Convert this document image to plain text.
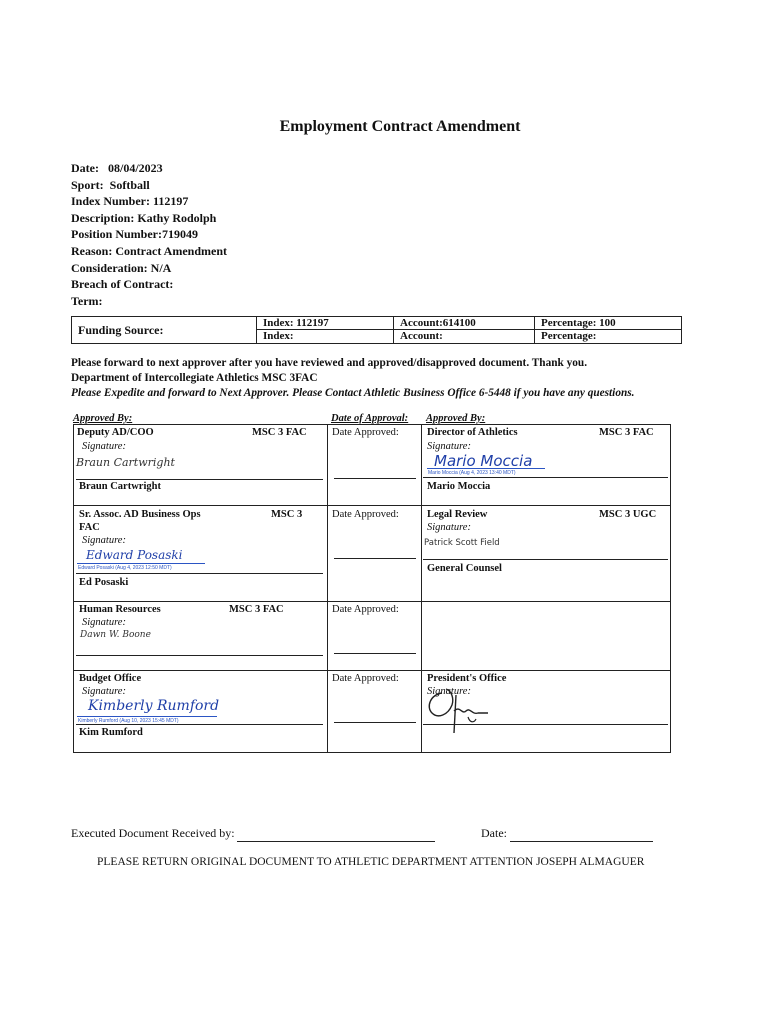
Employment Contract Amendment
Date:   08/04/2023
Sport:  Softball
Index Number: 112197
Description: Kathy Rodolph
Position Number:719049
Reason: Contract Amendment
Consideration: N/A
Breach of Contract:
Term:
Funding Source:	Index: 112197	Account:614100	Percentage: 100
Index:	Account:	Percentage:
Please forward to next approver after you have reviewed and approved/disapproved document. Thank you.
Department of Intercollegiate Athletics MSC 3FAC
Please Expedite and forward to Next Approver. Please Contact Athletic Business Office 6-5448 if you have any questions.
Approved By:	Date of Approval: Approved By:
Deputy AD/COO	MSC 3 FAC
Signature:
Braun Cartwright
Braun Cartwright
Date Approved:	Director of Athletics	MSC 3 FAC
Signature:
Mario Moccia
Mario Moccia (Aug 4, 2023 13:40 MDT)
Mario Moccia
Sr. Assoc. AD Business Ops	MSC 3
FAC
Signature:
Edward Posaski
Edward Posaski (Aug 4, 2023 12:50 MDT)
Ed Posaski
Date Approved:	Legal Review	MSC 3 UGC
Signature:
Patrick Scott Field
General Counsel
Human Resources	MSC 3 FAC
Signature:
Dawn W. Boone
Date Approved:
Budget Office
Signature:
Kimberly Rumford
Kimberly Rumford (Aug 10, 2023 15:45 MDT)
Kim Rumford
Date Approved:	President's Office
Signature:
Executed Document Received by:	Date:
PLEASE RETURN ORIGINAL DOCUMENT TO ATHLETIC DEPARTMENT ATTENTION JOSEPH ALMAGUER
